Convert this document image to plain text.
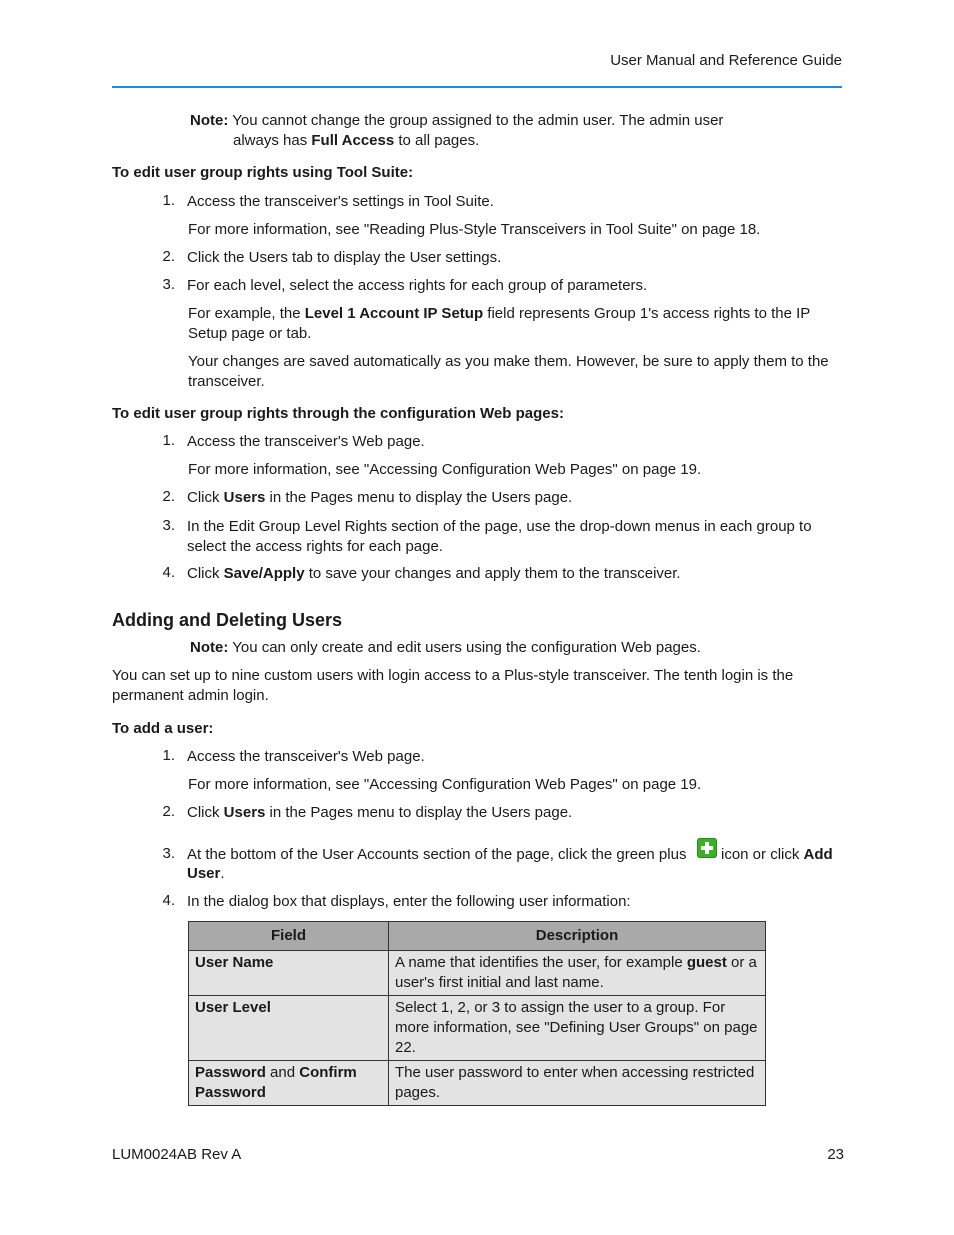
User Manual and Reference Guide
Note: You cannot change the group assigned to the admin user. The admin user
always has Full Access to all pages.
To edit user group rights using Tool Suite:
1. Access the transceiver's settings in Tool Suite.
For more information, see "Reading Plus-Style Transceivers in Tool Suite" on page 18.
2. Click the Users tab to display the User settings.
3. For each level, select the access rights for each group of parameters.
For example, the Level 1 Account IP Setup field represents Group 1's access rights to the IP
Setup page or tab.
Your changes are saved automatically as you make them. However, be sure to apply them to the
transceiver.
To edit user group rights through the configuration Web pages:
1. Access the transceiver's Web page.
For more information, see "Accessing Configuration Web Pages" on page 19.
2. Click Users in the Pages menu to display the Users page.
3. In the Edit Group Level Rights section of the page, use the drop-down menus in each group to
select the access rights for each page.
4. Click Save/Apply to save your changes and apply them to the transceiver.
Adding and Deleting Users
Note: You can only create and edit users using the configuration Web pages.
You can set up to nine custom users with login access to a Plus-style transceiver. The tenth login is the
permanent admin login.
To add a user:
1. Access the transceiver's Web page.
For more information, see "Accessing Configuration Web Pages" on page 19.
2. Click Users in the Pages menu to display the Users page.
3. At the bottom of the User Accounts section of the page, click the green plus icon or click Add
User.
4. In the dialog box that displays, enter the following user information:
Field	Description
User Name	A name that identifies the user, for example guest or a user's first initial and last name.
User Level	Select 1, 2, or 3 to assign the user to a group. For more information, see "Defining User Groups" on page 22.
Password and Confirm Password	The user password to enter when accessing restricted pages.
LUM0024AB Rev A	23
